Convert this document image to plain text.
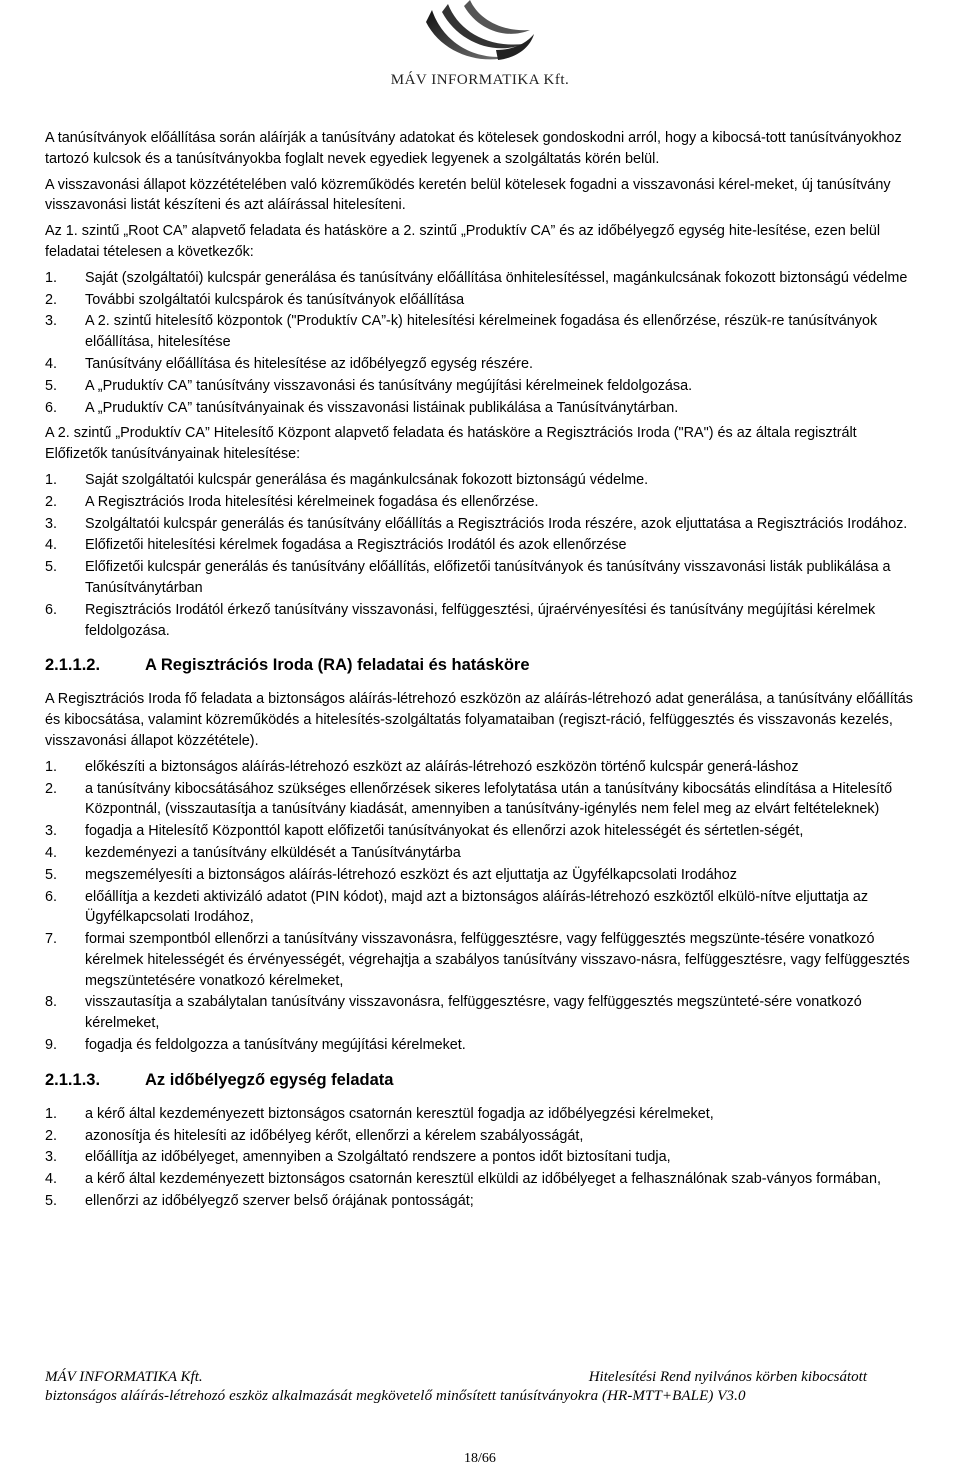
MÁV INFORMATIKA Kft.
A tanúsítványok előállítása során aláírják a tanúsítvány adatokat és kötelesek gondoskodni arról, hogy a kibocsá-tott tanúsítványokhoz tartozó kulcsok és a tanúsítványokba foglalt nevek egyediek legyenek a szolgáltatás körén belül.
A visszavonási állapot közzétételében való közreműködés keretén belül kötelesek fogadni a visszavonási kérel-meket, új tanúsítvány visszavonási listát készíteni és azt aláírással hitelesíteni.
Az 1. szintű „Root CA” alapvető feladata és hatásköre a 2. szintű „Produktív CA” és az időbélyegző egység hite-lesítése, ezen belül feladatai tételesen a következők:
1.	Saját (szolgáltatói) kulcspár generálása és tanúsítvány előállítása önhitelesítéssel, magánkulcsának fokozott biztonságú védelme
2.	További szolgáltatói kulcspárok és tanúsítványok előállítása
3.	A 2. szintű hitelesítő központok ("Produktív CA”-k) hitelesítési kérelmeinek fogadása és ellenőrzése, részük-re tanúsítványok előállítása, hitelesítése
4.	Tanúsítvány előállítása és hitelesítése az időbélyegző egység részére.
5.	A „Pruduktív CA” tanúsítvány visszavonási és tanúsítvány megújítási kérelmeinek feldolgozása.
6.	A „Pruduktív CA” tanúsítványainak és visszavonási listáinak publikálása a Tanúsítványtárban.
A 2. szintű „Produktív CA” Hitelesítő Központ alapvető feladata és hatásköre a Regisztrációs Iroda ("RA") és az általa regisztrált Előfizetők tanúsítványainak hitelesítése:
1.	Saját szolgáltatói kulcspár generálása és magánkulcsának fokozott biztonságú védelme.
2.	A Regisztrációs Iroda hitelesítési kérelmeinek fogadása és ellenőrzése.
3.	Szolgáltatói kulcspár generálás és tanúsítvány előállítás a Regisztrációs Iroda részére, azok eljuttatása a Regisztrációs Irodához.
4.	Előfizetői hitelesítési kérelmek fogadása a Regisztrációs Irodától és azok ellenőrzése
5.	Előfizetői kulcspár generálás és tanúsítvány előállítás, előfizetői tanúsítványok és tanúsítvány visszavonási listák publikálása a Tanúsítványtárban
6.	Regisztrációs Irodától érkező tanúsítvány visszavonási, felfüggesztési, újraérvényesítési és tanúsítvány megújítási kérelmek feldolgozása.
2.1.1.2.	A Regisztrációs Iroda (RA) feladatai és hatásköre
A Regisztrációs Iroda fő feladata a biztonságos aláírás-létrehozó eszközön az aláírás-létrehozó adat generálása, a tanúsítvány előállítás és kibocsátása, valamint közreműködés a hitelesítés-szolgáltatás folyamataiban (regiszt-ráció, felfüggesztés és visszavonás kezelés, visszavonási állapot közzététele).
1.	előkészíti a biztonságos aláírás-létrehozó eszközt az aláírás-létrehozó eszközön történő kulcspár generá-láshoz
2.	a tanúsítvány kibocsátásához szükséges ellenőrzések sikeres lefolytatása után a tanúsítvány kibocsátás elindítása a Hitelesítő Központnál, (visszautasítja a tanúsítvány kiadását, amennyiben a tanúsítvány-igénylés nem felel meg az elvárt feltételeknek)
3.	fogadja a Hitelesítő Központtól kapott előfizetői tanúsítványokat és ellenőrzi azok hitelességét és sértetlen-ségét,
4.	kezdeményezi a tanúsítvány elküldését a Tanúsítványtárba
5.	megszemélyesíti a biztonságos aláírás-létrehozó eszközt és azt eljuttatja az Ügyfélkapcsolati Irodához
6.	előállítja a kezdeti aktivizáló adatot (PIN kódot), majd azt a biztonságos aláírás-létrehozó eszköztől elkülö-nítve eljuttatja az Ügyfélkapcsolati Irodához,
7.	formai szempontból ellenőrzi a tanúsítvány visszavonásra, felfüggesztésre, vagy felfüggesztés megszünte-tésére vonatkozó kérelmek hitelességét és érvényességét, végrehajtja a szabályos tanúsítvány visszavo-násra, felfüggesztésre, vagy felfüggesztés megszüntetésére vonatkozó kérelmeket,
8.	visszautasítja a szabálytalan tanúsítvány visszavonásra, felfüggesztésre, vagy felfüggesztés megszünteté-sére vonatkozó kérelmeket,
9.	fogadja és feldolgozza a tanúsítvány megújítási kérelmeket.
2.1.1.3.	Az időbélyegző egység feladata
1.	a kérő által kezdeményezett biztonságos csatornán keresztül fogadja az időbélyegzési kérelmeket,
2.	azonosítja és hitelesíti az időbélyeg kérőt, ellenőrzi a kérelem szabályosságát,
3.	előállítja az időbélyeget, amennyiben a Szolgáltató rendszere a pontos időt biztosítani tudja,
4.	a kérő által kezdeményezett biztonságos csatornán keresztül elküldi az időbélyeget a felhasználónak szab-ványos formában,
5.	ellenőrzi az időbélyegző szerver belső órájának pontosságát;
MÁV INFORMATIKA Kft.	Hitelesítési Rend nyilvános körben kibocsátott
biztonságos aláírás-létrehozó eszköz alkalmazását megkövetelő minősített tanúsítványokra (HR-MTT+BALE) V3.0
18/66
